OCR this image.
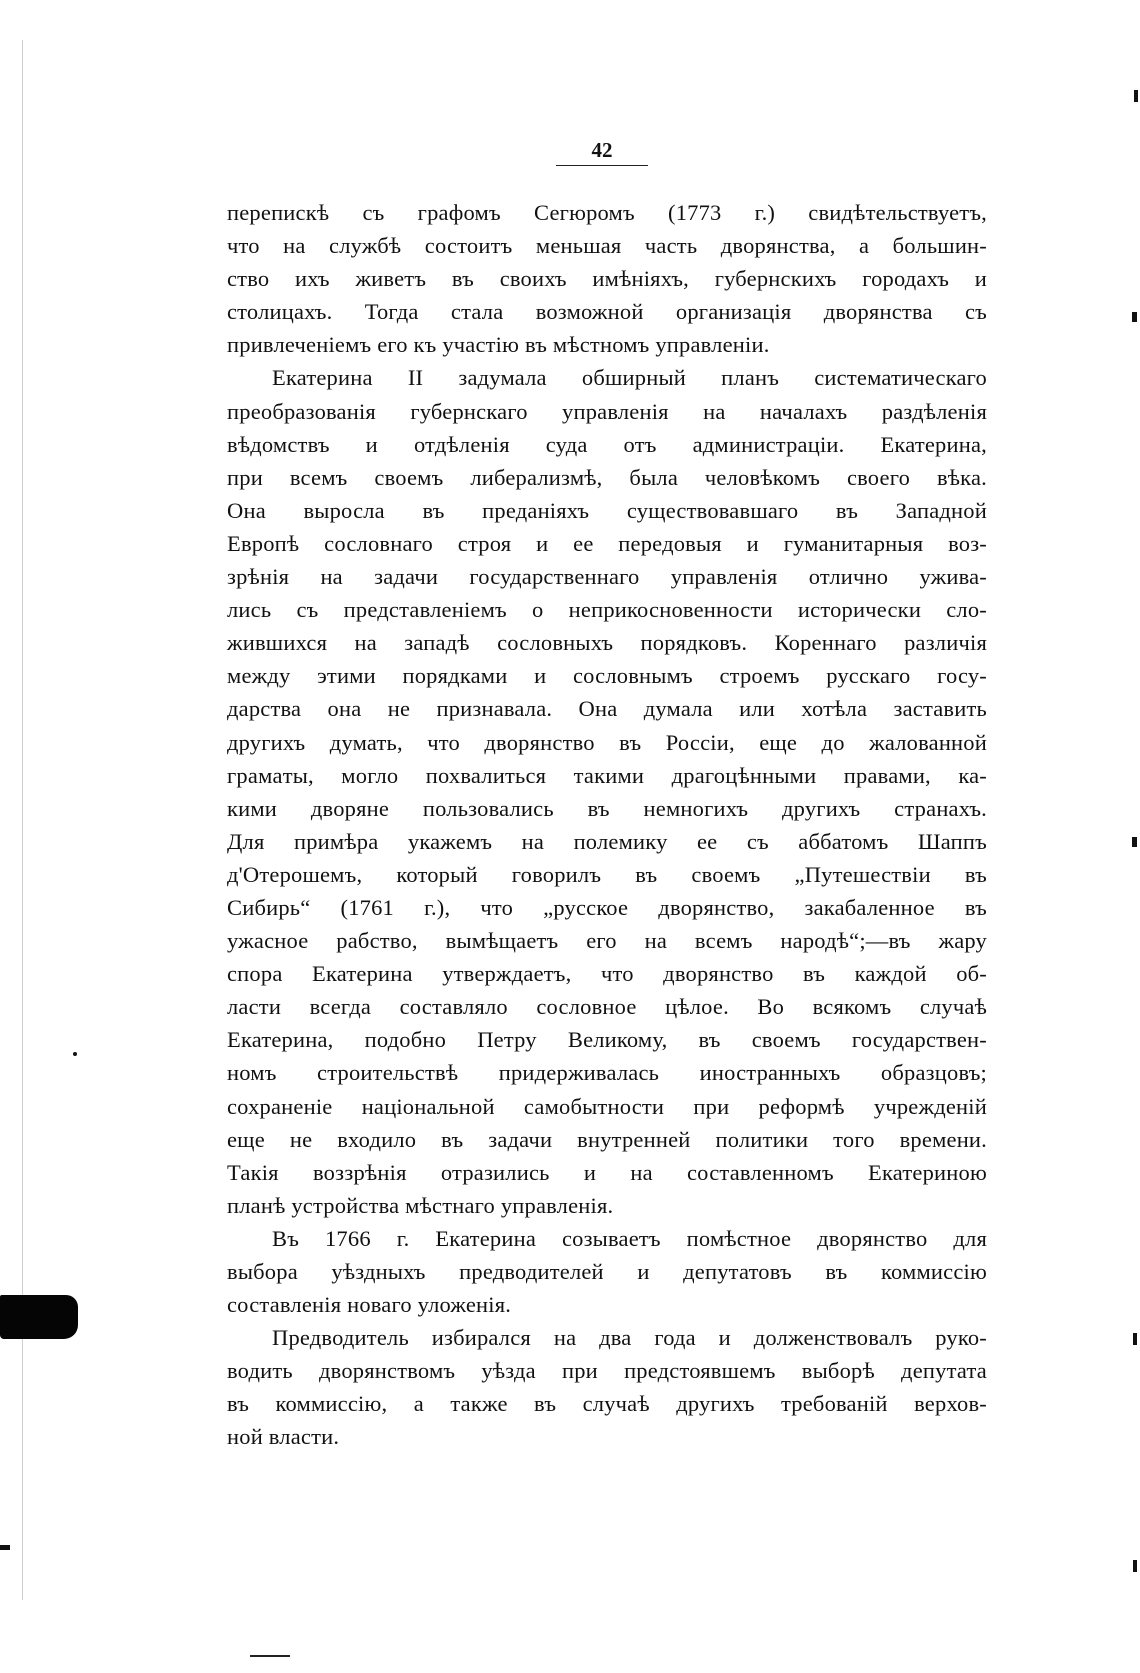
42
перепискѣ съ графомъ Сегюромъ (1773 г.) свидѣтельствуетъ,
что на службѣ состоитъ меньшая часть дворянства, а большин-
ство ихъ живетъ въ своихъ имѣніяхъ, губернскихъ городахъ и
столицахъ. Тогда стала возможной организація дворянства съ
привлеченіемъ его къ участію въ мѣстномъ управленіи.
Екатерина II задумала обширный планъ систематическаго
преобразованія губернскаго управленія на началахъ раздѣленія
вѣдомствъ и отдѣленія суда отъ администраціи. Екатерина,
при всемъ своемъ либерализмѣ, была человѣкомъ своего вѣка.
Она выросла въ преданіяхъ существовавшаго въ Западной
Европѣ сословнаго строя и ее передовыя и гуманитарныя воз-
зрѣнія на задачи государственнаго управленія отлично ужива-
лись съ представленіемъ о неприкосновенности исторически сло-
жившихся на западѣ сословныхъ порядковъ. Кореннаго различія
между этими порядками и сословнымъ строемъ русскаго госу-
дарства она не признавала. Она думала или хотѣла заставить
другихъ думать, что дворянство въ Россіи, еще до жалованной
грамaты, могло похвалиться такими драгоцѣнными правами, ка-
кими дворяне пользовались въ немногихъ другихъ странахъ.
Для примѣра укажемъ на полемику ее съ аббатомъ Шаппъ
д'Отерошемъ, который говорилъ въ своемъ „Путешествіи въ
Сибирь“ (1761 г.), что „русское дворянство, закабаленное въ
ужасное рабство, вымѣщаетъ его на всемъ народѣ“;—въ жару
спора Екатерина утверждаетъ, что дворянство въ каждой об-
ласти всегда составляло сословное цѣлое. Во всякомъ случаѣ
Екатерина, подобно Петру Великому, въ своемъ государствен-
номъ строительствѣ придерживалась иностранныхъ образцовъ;
сохраненіе національной самобытности при реформѣ учрежденій
еще не входило въ задачи внутренней политики того времени.
Такія воззрѣнія отразились и на составленномъ Екатериною
планѣ устройства мѣстнаго управленія.
Въ 1766 г. Екатерина созываетъ помѣстное дворянство для
выбора уѣздныхъ предводителей и депутатовъ въ коммиссію
составленія новаго уложенія.
Предводитель избирался на два года и долженствовалъ руко-
водить дворянствомъ уѣзда при предстоявшемъ выборѣ депутата
въ коммиссію, а также въ случаѣ другихъ требованій верхов-
ной власти.
